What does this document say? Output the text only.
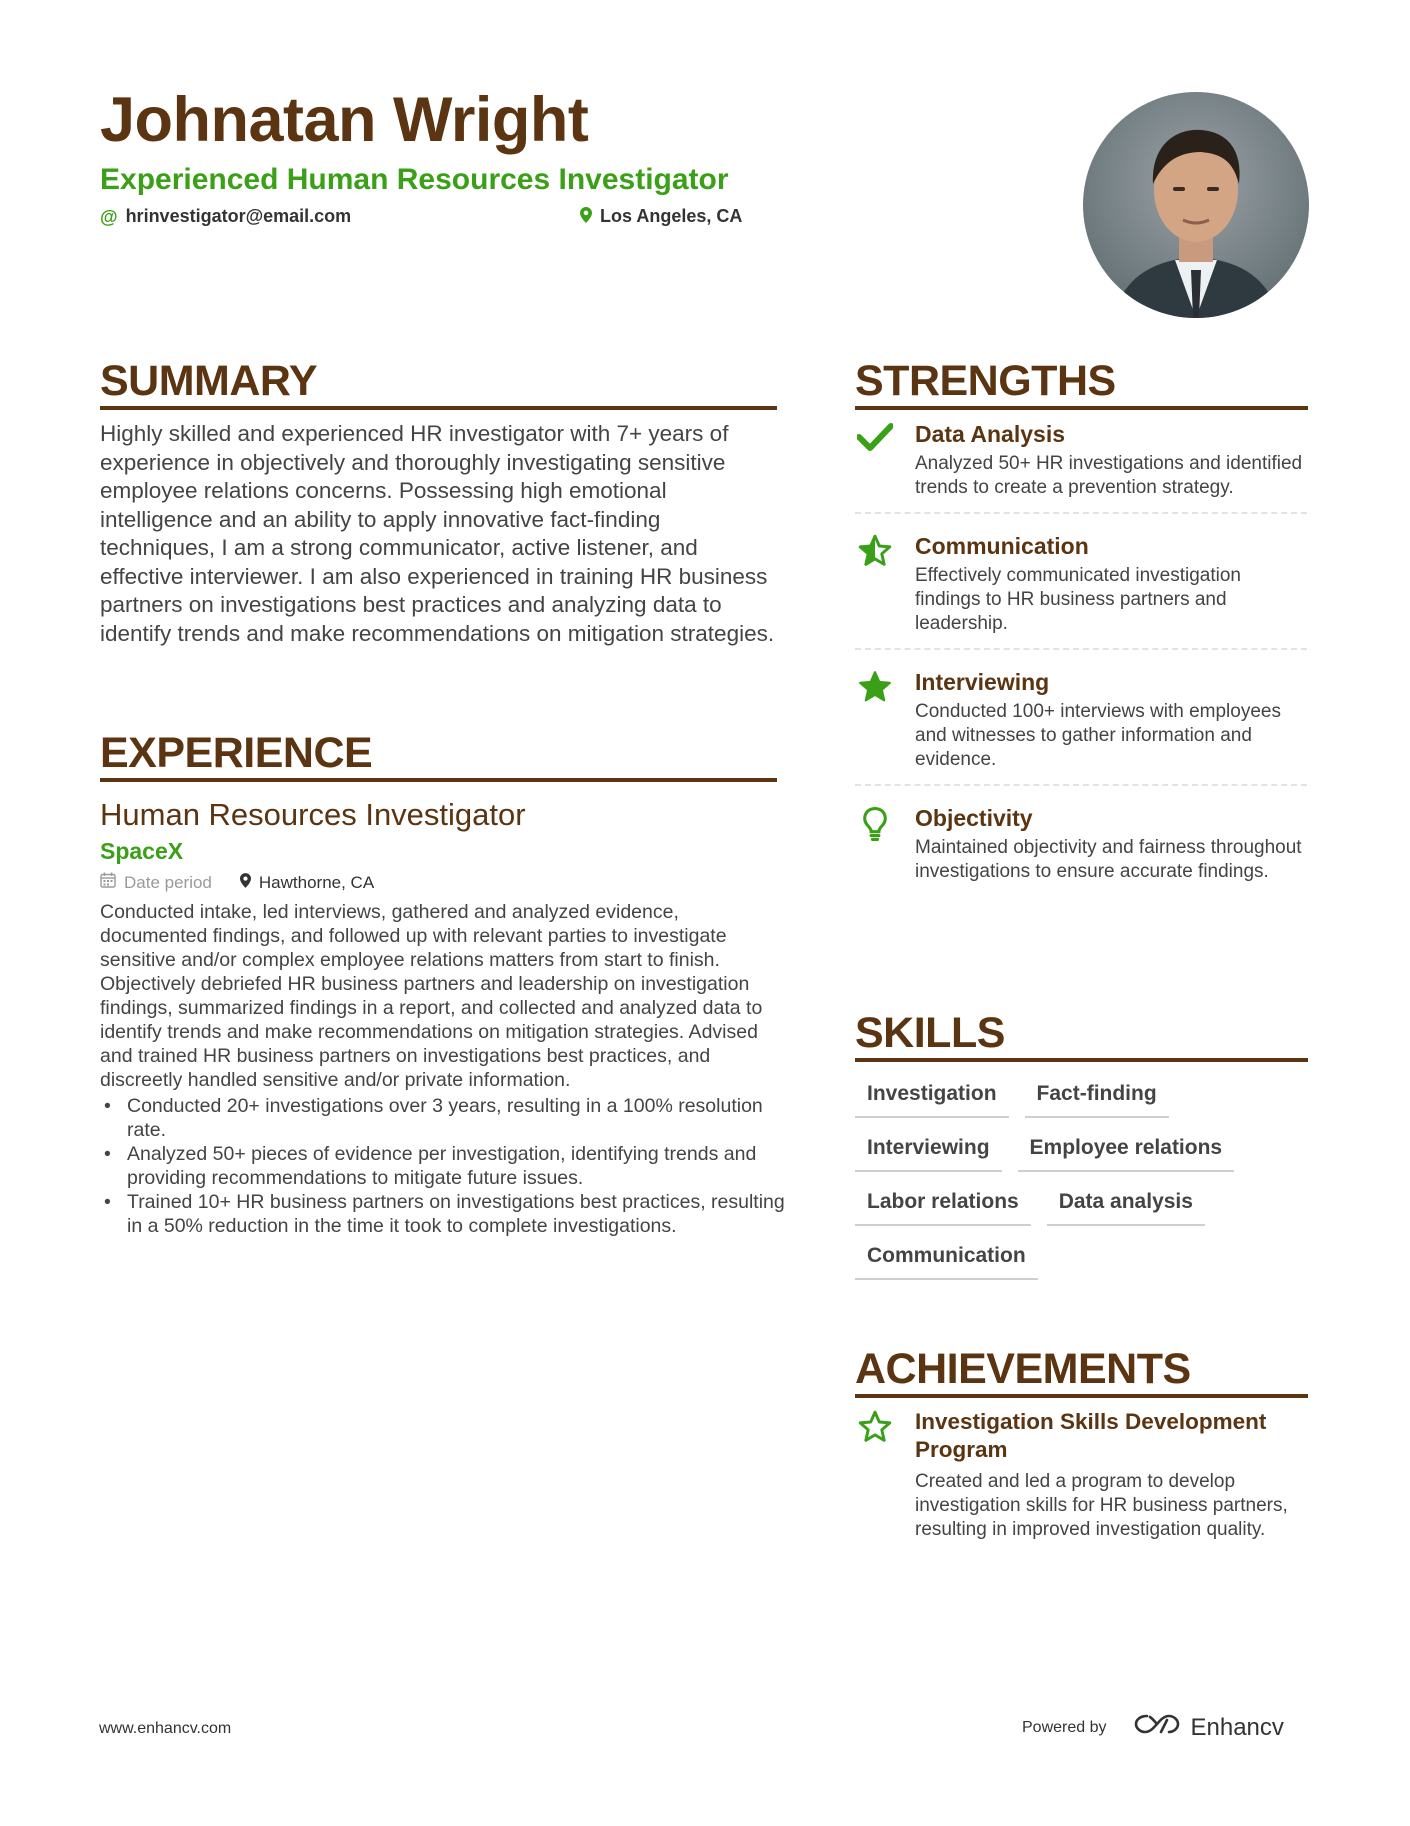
Johnatan Wright
Experienced Human Resources Investigator
@ hrinvestigator@email.com	Los Angeles, CA
SUMMARY
Highly skilled and experienced HR investigator with 7+ years of experience in objectively and thoroughly investigating sensitive employee relations concerns. Possessing high emotional intelligence and an ability to apply innovative fact-finding techniques, I am a strong communicator, active listener, and effective interviewer. I am also experienced in training HR business partners on investigations best practices and analyzing data to identify trends and make recommendations on mitigation strategies.
EXPERIENCE
Human Resources Investigator
SpaceX
Date period	Hawthorne, CA
Conducted intake, led interviews, gathered and analyzed evidence, documented findings, and followed up with relevant parties to investigate sensitive and/or complex employee relations matters from start to finish. Objectively debriefed HR business partners and leadership on investigation findings, summarized findings in a report, and collected and analyzed data to identify trends and make recommendations on mitigation strategies. Advised and trained HR business partners on investigations best practices, and discreetly handled sensitive and/or private information.
• Conducted 20+ investigations over 3 years, resulting in a 100% resolution rate.
• Analyzed 50+ pieces of evidence per investigation, identifying trends and providing recommendations to mitigate future issues.
• Trained 10+ HR business partners on investigations best practices, resulting in a 50% reduction in the time it took to complete investigations.
STRENGTHS
Data Analysis
Analyzed 50+ HR investigations and identified trends to create a prevention strategy.
Communication
Effectively communicated investigation findings to HR business partners and leadership.
Interviewing
Conducted 100+ interviews with employees and witnesses to gather information and evidence.
Objectivity
Maintained objectivity and fairness throughout investigations to ensure accurate findings.
SKILLS
Investigation	Fact-finding
Interviewing	Employee relations
Labor relations	Data analysis
Communication
ACHIEVEMENTS
Investigation Skills Development Program
Created and led a program to develop investigation skills for HR business partners, resulting in improved investigation quality.
www.enhancv.com	Powered by	Enhancv
